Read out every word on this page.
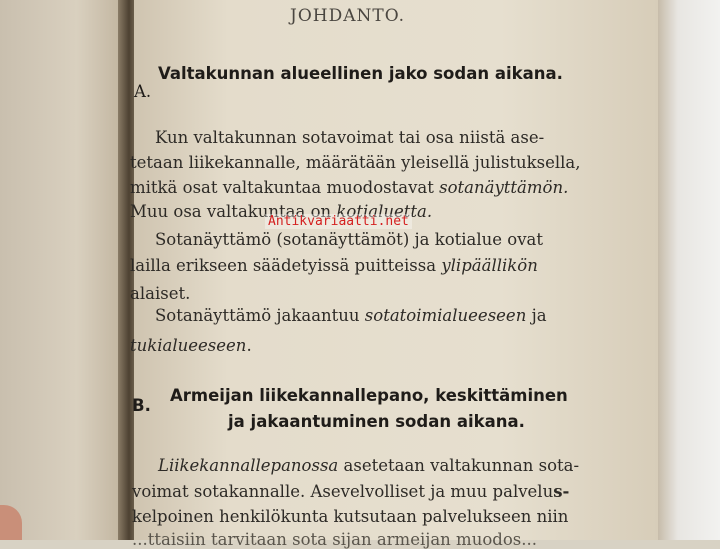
JOHDANTO.
A.
Valtakunnan alueellinen jako sodan aikana.
Kun valtakunnan sotavoimat tai osa niistä ase-
tetaan liikekannalle, määrätään yleisellä julistuksella,
mitkä osat valtakuntaa muodostavat sotanäyttämön.
Muu osa valtakuntaa on kotialuetta.
Sotanäyttämö (sotanäyttämöt) ja kotialue ovat
lailla erikseen säädetyissä puitteissa ylipäällikön
alaiset.
Sotanäyttämö jakaantuu sotatoimialueeseen ja
tukialueeseen.
B.
Armeijan liikekannallepano, keskittäminen
ja jakaantuminen sodan aikana.
Liikekannallepanossa asetetaan valtakunnan sota-
voimat sotakannalle. Asevelvolliset ja muu palvelus-
kelpoinen henkilökunta kutsutaan palvelukseen niin
...ttaisiin tarvitaan sota sijan armeijan muodos...
Antikvariaatti.net
